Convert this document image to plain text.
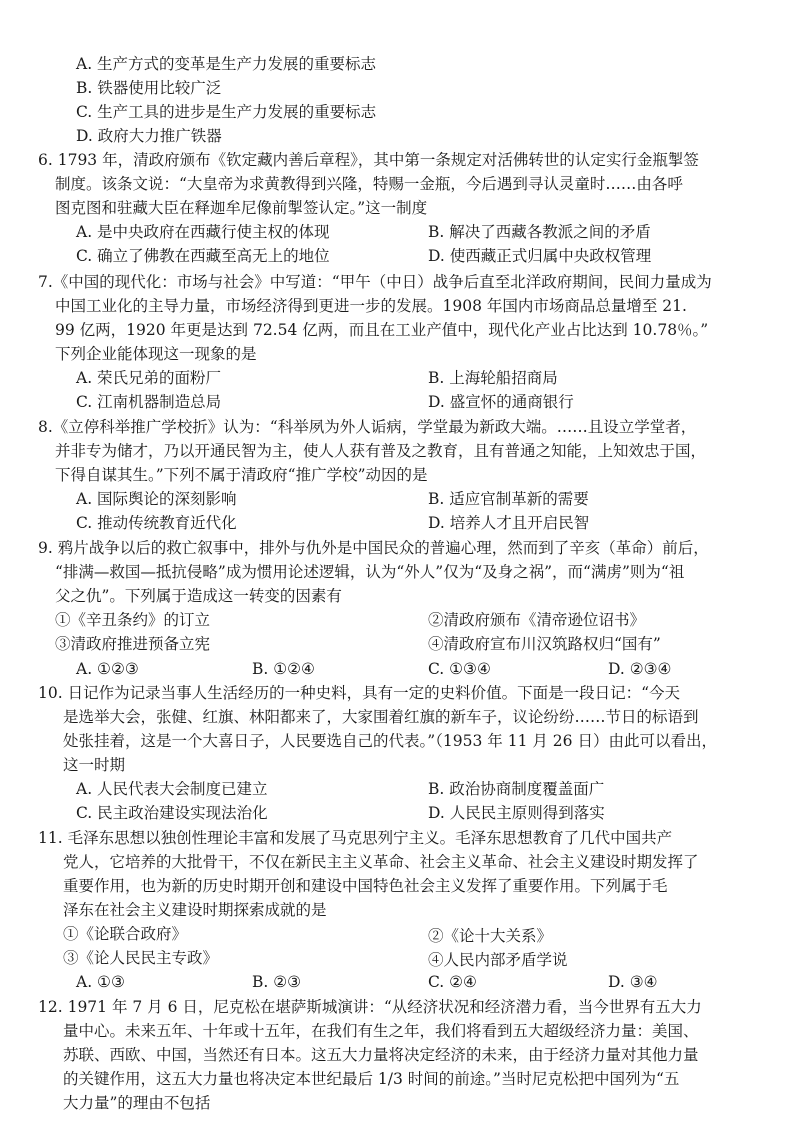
A. 生产方式的变革是生产力发展的重要标志
B. 铁器使用比较广泛
C. 生产工具的进步是生产力发展的重要标志
D. 政府大力推广铁器
6. 1793 年，清政府颁布《钦定藏内善后章程》，其中第一条规定对活佛转世的认定实行金瓶掣签
制度。该条文说：“大皇帝为求黄教得到兴隆，特赐一金瓶，今后遇到寻认灵童时……由各呼
图克图和驻藏大臣在释迦牟尼像前掣签认定。”这一制度
A. 是中央政府在西藏行使主权的体现	B. 解决了西藏各教派之间的矛盾
C. 确立了佛教在西藏至高无上的地位	D. 使西藏正式归属中央政权管理
7.《中国的现代化：市场与社会》中写道：“甲午（中日）战争后直至北洋政府期间，民间力量成为
中国工业化的主导力量，市场经济得到更进一步的发展。1908 年国内市场商品总量增至 21.
99 亿两，1920 年更是达到 72.54 亿两，而且在工业产值中，现代化产业占比达到 10.78％。”
下列企业能体现这一现象的是
A. 荣氏兄弟的面粉厂	B. 上海轮船招商局
C. 江南机器制造总局	D. 盛宣怀的通商银行
8.《立停科举推广学校折》认为：“科举夙为外人诟病，学堂最为新政大端。……且设立学堂者，
并非专为储才，乃以开通民智为主，使人人获有普及之教育，且有普通之知能，上知效忠于国，
下得自谋其生。”下列不属于清政府“推广学校”动因的是
A. 国际舆论的深刻影响	B. 适应官制革新的需要
C. 推动传统教育近代化	D. 培养人才且开启民智
9. 鸦片战争以后的救亡叙事中，排外与仇外是中国民众的普遍心理，然而到了辛亥（革命）前后，
“排满—救国—抵抗侵略”成为惯用论述逻辑，认为“外人”仅为“及身之祸”，而“满虏”则为“祖
父之仇”。下列属于造成这一转变的因素有
①《辛丑条约》的订立	②清政府颁布《清帝逊位诏书》
③清政府推进预备立宪	④清政府宣布川汉筑路权归“国有”
A. ①②③	B. ①②④	C. ①③④	D. ②③④
10. 日记作为记录当事人生活经历的一种史料，具有一定的史料价值。下面是一段日记：“今天
是选举大会，张健、红旗、林阳都来了，大家围着红旗的新车子，议论纷纷……节日的标语到
处张挂着，这是一个大喜日子，人民要选自己的代表。”（1953 年 11 月 26 日）由此可以看出，
这一时期
A. 人民代表大会制度已建立	B. 政治协商制度覆盖面广
C. 民主政治建设实现法治化	D. 人民民主原则得到落实
11. 毛泽东思想以独创性理论丰富和发展了马克思列宁主义。毛泽东思想教育了几代中国共产
党人，它培养的大批骨干，不仅在新民主主义革命、社会主义革命、社会主义建设时期发挥了
重要作用，也为新的历史时期开创和建设中国特色社会主义发挥了重要作用。下列属于毛
泽东在社会主义建设时期探索成就的是
①《论联合政府》	②《论十大关系》
③《论人民民主专政》	④人民内部矛盾学说
A. ①③	B. ②③	C. ②④	D. ③④
12. 1971 年 7 月 6 日，尼克松在堪萨斯城演讲：“从经济状况和经济潜力看，当今世界有五大力
量中心。未来五年、十年或十五年，在我们有生之年，我们将看到五大超级经济力量：美国、
苏联、西欧、中国，当然还有日本。这五大力量将决定经济的未来，由于经济力量对其他力量
的关键作用，这五大力量也将决定本世纪最后 1/3 时间的前途。”当时尼克松把中国列为“五
大力量”的理由不包括
